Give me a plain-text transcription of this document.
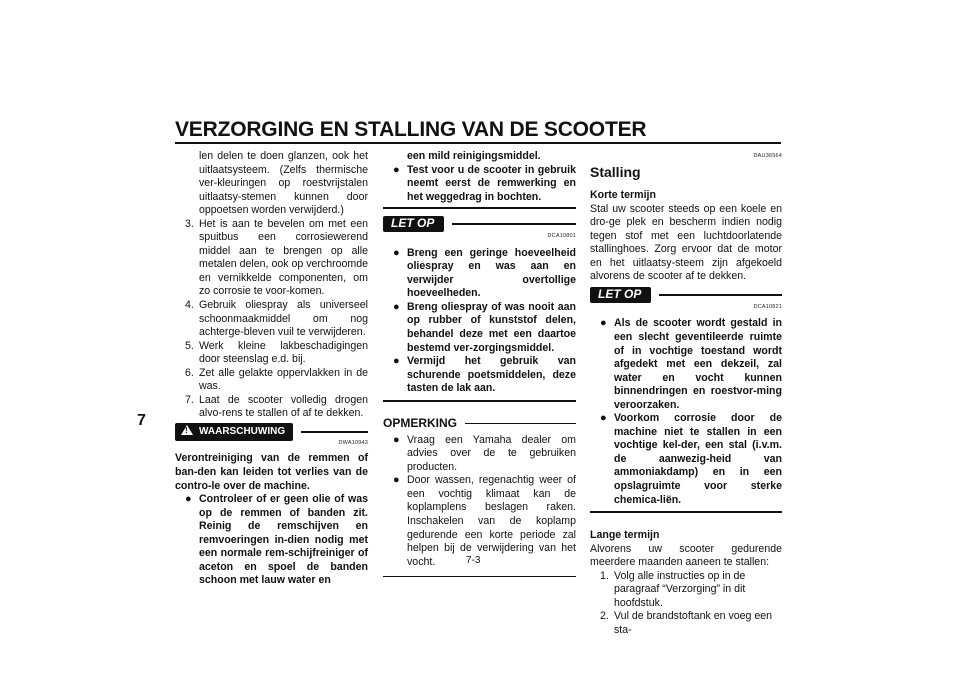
VERZORGING EN STALLING VAN DE SCOOTER
7

len delen te doen glanzen, ook het uitlaatsysteem. (Zelfs thermische ver-kleuringen op roestvrijstalen uitlaatsy-stemen kunnen door oppoetsen worden verwijderd.)

3. Het is aan te bevelen om met een spuitbus een corrosiewerend middel aan te brengen op alle metalen delen, ook op verchroomde en vernikkelde componenten, om zo corrosie te voor-komen.
4. Gebruik oliespray als universeel schoonmaakmiddel om nog achterge-bleven vuil te verwijderen.
5. Werk kleine lakbeschadigingen door steenslag e.d. bij.
6. Zet alle gelakte oppervlakken in de was.
7. Laat de scooter volledig drogen alvo-rens te stallen of af te dekken.
! WAARSCHUWING
DWA10943

Verontreiniging van de remmen of ban-den kan leiden tot verlies van de contro-le over de machine.

● Controleer of er geen olie of was op de remmen of banden zit. Reinig de remschijven en remvoeringen in-dien nodig met een normale rem-schijfreiniger of aceton en spoel de banden schoon met lauw water en

een mild reinigingsmiddel.

● Test voor u de scooter in gebruik neemt eerst de remwerking en het weggedrag in bochten.
LET OP
DCA10801
● Breng een geringe hoeveelheid oliespray en was aan en verwijder overtollige hoeveelheden.
● Breng oliespray of was nooit aan op rubber of kunststof delen, behandel deze met een daartoe bestemd ver-zorgingsmiddel.
● Vermijd het gebruik van schurende poetsmiddelen, deze tasten de lak aan.
OPMERKING
● Vraag een Yamaha dealer om advies over de te gebruiken producten.
● Door wassen, regenachtig weer of een vochtig klimaat kan de koplamplens beslagen raken. Inschakelen van de koplamp gedurende een korte periode zal helpen bij de verwijdering van het vocht.
DAU36564
Stalling

Korte termijn

Stal uw scooter steeds op een koele en dro-ge plek en bescherm indien nodig tegen stof met een luchtdoorlatende stallinghoes. Zorg ervoor dat de motor en het uitlaatsy-steem zijn afgekoeld alvorens de scooter af te dekken.

LET OP
DCA10821
● Als de scooter wordt gestald in een slecht geventileerde ruimte of in vochtige toestand wordt afgedekt met een dekzeil, zal water en vocht kunnen binnendringen en roestvor-ming veroorzaken.
● Voorkom corrosie door de machine niet te stallen in een vochtige kel-der, een stal (i.v.m. de aanwezig-heid van ammoniakdamp) en in een opslagruimte voor sterke chemica-liën.

Lange termijn

Alvorens uw scooter gedurende meerdere maanden aaneen te stallen:

1. Volg alle instructies op in de paragraaf “Verzorging” in dit hoofdstuk.
2. Vul de brandstoftank en voeg een sta-
7-3
